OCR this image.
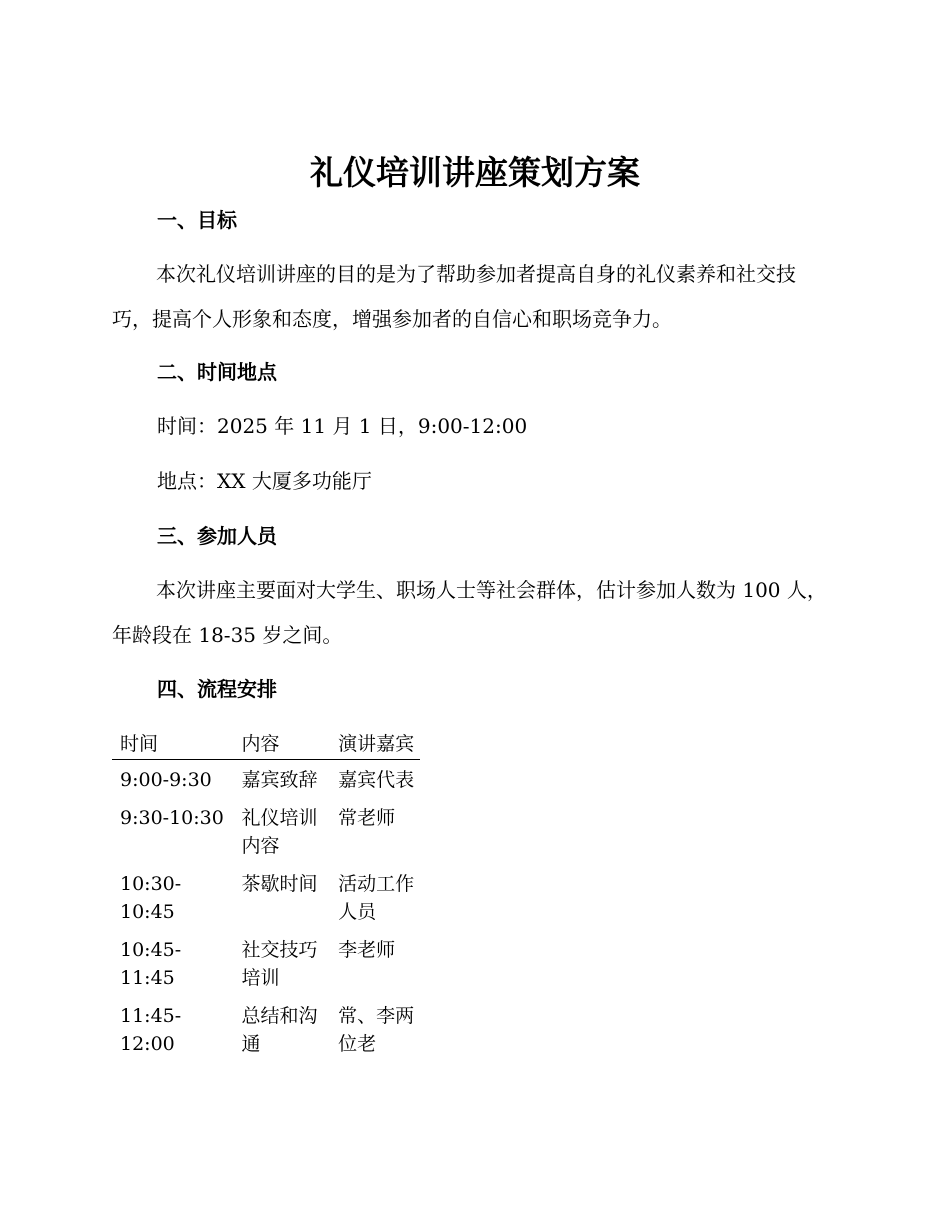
礼仪培训讲座策划方案
一、目标

本次礼仪培训讲座的目的是为了帮助参加者提高自身的礼仪素养和社交技巧，提高个人形象和态度，增强参加者的自信心和职场竞争力。

二、时间地点

时间：2025 年 11 月 1 日，9:00-12:00

地点：XX 大厦多功能厅

三、参加人员

本次讲座主要面对大学生、职场人士等社会群体，估计参加人数为 100 人，年龄段在 18-35 岁之间。

四、流程安排
时间	内容	演讲嘉宾
9:00-9:30	嘉宾致辞	嘉宾代表
9:30-10:30	礼仪培训内容	常老师
10:30-10:45	茶歇时间	活动工作人员
10:45-11:45	社交技巧培训	李老师
11:45-12:00	总结和沟通	常、李两位老
